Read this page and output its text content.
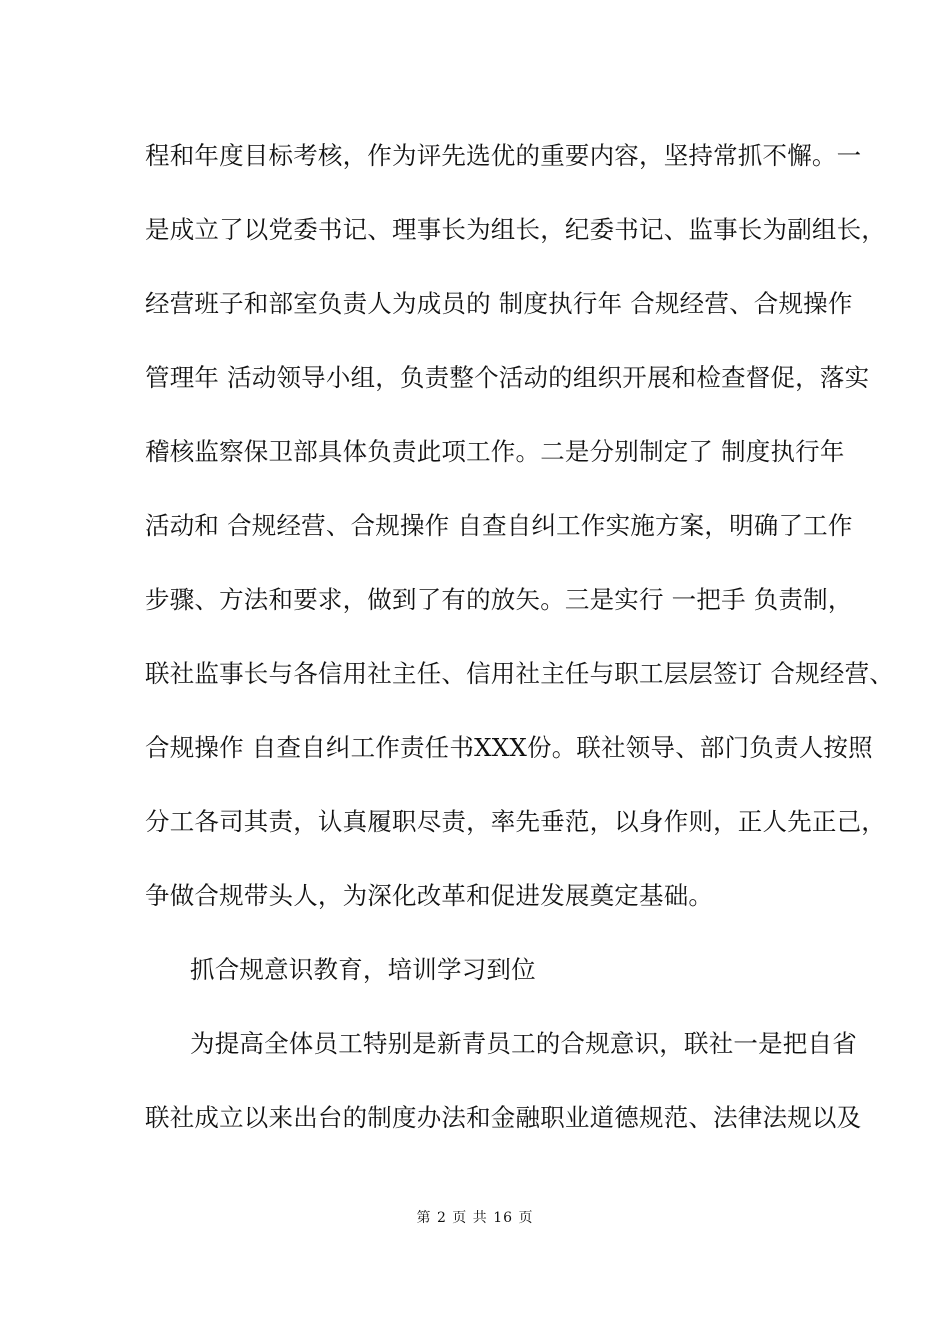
程和年度目标考核，作为评先选优的重要内容，坚持常抓不懈。一
是成立了以党委书记、理事长为组长，纪委书记、监事长为副组长，
经营班子和部室负责人为成员的 制度执行年 合规经营、合规操作
管理年 活动领导小组，负责整个活动的组织开展和检查督促，落实
稽核监察保卫部具体负责此项工作。二是分别制定了 制度执行年
活动和 合规经营、合规操作 自查自纠工作实施方案，明确了工作
步骤、方法和要求，做到了有的放矢。三是实行 一把手 负责制，
联社监事长与各信用社主任、信用社主任与职工层层签订 合规经营、
合规操作 自查自纠工作责任书XXX份。联社领导、部门负责人按照
分工各司其责，认真履职尽责，率先垂范，以身作则，正人先正己，
争做合规带头人，为深化改革和促进发展奠定基础。
抓合规意识教育，培训学习到位
为提高全体员工特别是新青员工的合规意识，联社一是把自省
联社成立以来出台的制度办法和金融职业道德规范、法律法规以及
第 2 页 共 16 页
